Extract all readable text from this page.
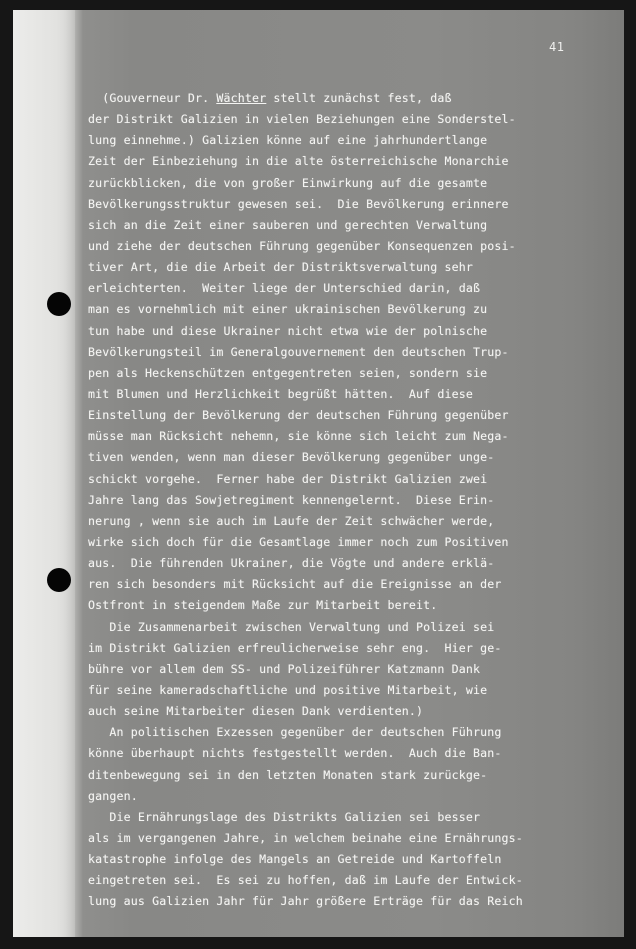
41
(Gouverneur Dr. Wächter stellt zunächst fest, daß
der Distrikt Galizien in vielen Beziehungen eine Sonderstel-
lung einnehme.) Galizien könne auf eine jahrhundertlange
Zeit der Einbeziehung in die alte österreichische Monarchie
zurückblicken, die von großer Einwirkung auf die gesamte
Bevölkerungsstruktur gewesen sei.  Die Bevölkerung erinnere
sich an die Zeit einer sauberen und gerechten Verwaltung
und ziehe der deutschen Führung gegenüber Konsequenzen posi-
tiver Art, die die Arbeit der Distriktsverwaltung sehr
erleichterten.  Weiter liege der Unterschied darin, daß
man es vornehmlich mit einer ukrainischen Bevölkerung zu
tun habe und diese Ukrainer nicht etwa wie der polnische
Bevölkerungsteil im Generalgouvernement den deutschen Trup-
pen als Heckenschützen entgegentreten seien, sondern sie
mit Blumen und Herzlichkeit begrüßt hätten.  Auf diese
Einstellung der Bevölkerung der deutschen Führung gegenüber
müsse man Rücksicht nehemn, sie könne sich leicht zum Nega-
tiven wenden, wenn man dieser Bevölkerung gegenüber unge-
schickt vorgehe.  Ferner habe der Distrikt Galizien zwei
Jahre lang das Sowjetregiment kennengelernt.  Diese Erin-
nerung , wenn sie auch im Laufe der Zeit schwächer werde,
wirke sich doch für die Gesamtlage immer noch zum Positiven
aus.  Die führenden Ukrainer, die Vögte und andere erklä-
ren sich besonders mit Rücksicht auf die Ereignisse an der
Ostfront in steigendem Maße zur Mitarbeit bereit.
Die Zusammenarbeit zwischen Verwaltung und Polizei sei
im Distrikt Galizien erfreulicherweise sehr eng.  Hier ge-
bühre vor allem dem SS- und Polizeiführer Katzmann Dank
für seine kameradschaftliche und positive Mitarbeit, wie
auch seine Mitarbeiter diesen Dank verdienten.)
An politischen Exzessen gegenüber der deutschen Führung
könne überhaupt nichts festgestellt werden.  Auch die Ban-
ditenbewegung sei in den letzten Monaten stark zurückge-
gangen.
Die Ernährungslage des Distrikts Galizien sei besser
als im vergangenen Jahre, in welchem beinahe eine Ernährungs-
katastrophe infolge des Mangels an Getreide und Kartoffeln
eingetreten sei.  Es sei zu hoffen, daß im Laufe der Entwick-
lung aus Galizien Jahr für Jahr größere Erträge für das Reich
